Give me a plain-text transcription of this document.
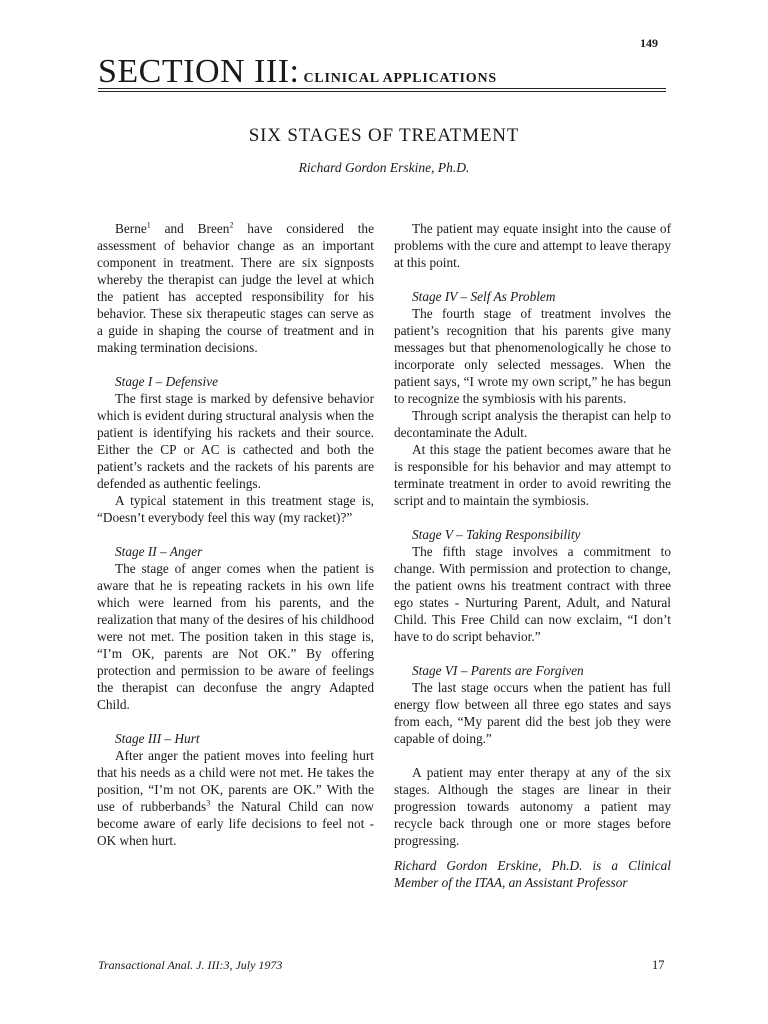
149
SECTION III: CLINICAL APPLICATIONS
SIX STAGES OF TREATMENT
Richard Gordon Erskine, Ph.D.

Berne$^1$ and Breen$^2$ have considered the assessment of behavior change as an important component in treatment. There are six signposts whereby the therapist can judge the level at which the patient has accepted responsibility for his behavior. These six therapeutic stages can serve as a guide in shaping the course of treatment and in making termination decisions.

Stage I – Defensive

The first stage is marked by defensive behavior which is evident during structural analysis when the patient is identifying his rackets and their source. Either the CP or AC is cathected and both the patient’s rackets and the rackets of his parents are defended as authentic feelings.

A typical statement in this treatment stage is, “Doesn’t everybody feel this way (my racket)?”

Stage II – Anger

The stage of anger comes when the patient is aware that he is repeating rackets in his own life which were learned from his parents, and the realization that many of the desires of his childhood were not met. The position taken in this stage is, “I’m OK, parents are Not OK.” By offering protection and permission to be aware of feelings the therapist can deconfuse the angry Adapted Child.

Stage III – Hurt

After anger the patient moves into feeling hurt that his needs as a child were not met. He takes the position, “I’m not OK, parents are OK.” With the use of rubberbands$^3$ the Natural Child can now become aware of early life decisions to feel not - OK when hurt.

The patient may equate insight into the cause of problems with the cure and attempt to leave therapy at this point.

Stage IV – Self As Problem

The fourth stage of treatment involves the patient’s recognition that his parents give many messages but that phenomenologically he chose to incorporate only selected messages. When the patient says, “I wrote my own script,” he has begun to recognize the symbiosis with his parents.

Through script analysis the therapist can help to decontaminate the Adult.

At this stage the patient becomes aware that he is responsible for his behavior and may attempt to terminate treatment in order to avoid rewriting the script and to maintain the symbiosis.

Stage V – Taking Responsibility

The fifth stage involves a commitment to change. With permission and protection to change, the patient owns his treatment contract with three ego states - Nurturing Parent, Adult, and Natural Child. This Free Child can now exclaim, “I don’t have to do script behavior.”

Stage VI – Parents are Forgiven

The last stage occurs when the patient has full energy flow between all three ego states and says from each, “My parent did the best job they were capable of doing.”

A patient may enter therapy at any of the six stages. Although the stages are linear in their progression towards autonomy a patient may recycle back through one or more stages before progressing.

Richard Gordon Erskine, Ph.D. is a Clinical Member of the ITAA, an Assistant Professor

Transactional Anal. J. III:3, July 1973	17
